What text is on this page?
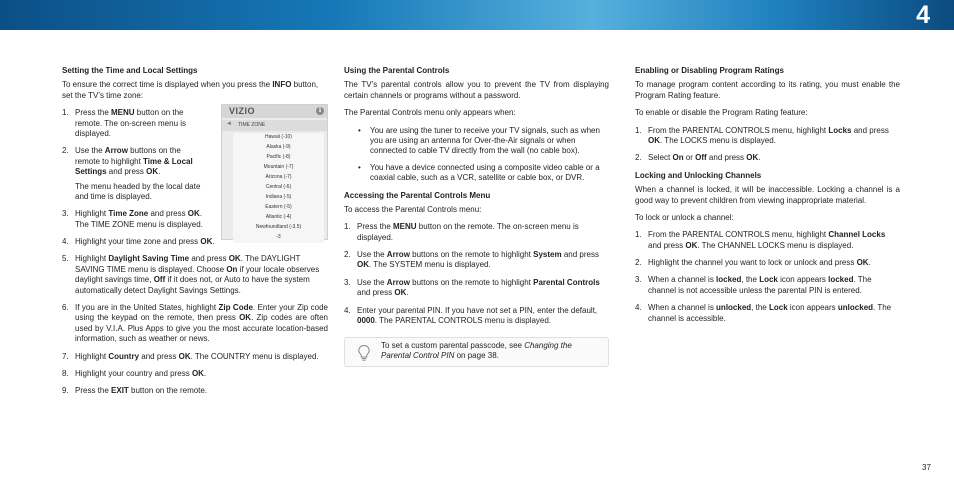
4
Setting the Time and Local Settings

To ensure the correct time is displayed when you press the INFO button, set the TV’s time zone:

1. Press the MENU button on the remote. The on-screen menu is displayed.
2. Use the Arrow buttons on the remote to highlight Time & Local Settings and press OK.
The menu headed by the local date and time is displayed.
3. Highlight Time Zone and press OK. The TIME ZONE menu is displayed.
4. Highlight your time zone and press OK.
5. Highlight Daylight Saving Time and press OK. The DAYLIGHT SAVING TIME menu is displayed. Choose On if your locale observes daylight savings time, Off if it does not, or Auto to have the system automatically detect Daylight Savings Settings.
6. If you are in the United States, highlight Zip Code. Enter your Zip code using the keypad on the remote, then press OK. Zip codes are often used by V.I.A. Plus Apps to give you the most accurate location-based information, such as weather or news.
7. Highlight Country and press OK. The COUNTRY menu is displayed.
8. Highlight your country and press OK.
9. Press the EXIT button on the remote.
VIZIO	i
◄ TIME ZONE
Hawaii (-10)
Alaska (-9)
Pacific (-8)
Mountain (-7)
Arizona (-7)
Central (-6)
Indiana (-5)
Eastern (-5)
Atlantic (-4)
Newfoundland (-3.5)
-3
Using the Parental Controls

The TV’s parental controls allow you to prevent the TV from displaying certain channels or programs without a password.

The Parental Controls menu only appears when:

• You are using the tuner to receive your TV signals, such as when you are using an antenna for Over-the-Air signals or when connected to cable TV directly from the wall (no cable box).
• You have a device connected using a composite video cable or a coaxial cable, such as a VCR, satellite or cable box, or DVR.
Accessing the Parental Controls Menu

To access the Parental Controls menu:

1. Press the MENU button on the remote. The on-screen menu is displayed.
2. Use the Arrow buttons on the remote to highlight System and press OK. The SYSTEM menu is displayed.
3. Use the Arrow buttons on the remote to highlight Parental Controls and press OK.
4. Enter your parental PIN. If you have not set a PIN, enter the default, 0000. The PARENTAL CONTROLS menu is displayed.

To set a custom parental passcode, see Changing the Parental Control PIN on page 38.

Enabling or Disabling Program Ratings

To manage program content according to its rating, you must enable the Program Rating feature.

To enable or disable the Program Rating feature:

1. From the PARENTAL CONTROLS menu, highlight Locks and press OK. The LOCKS menu is displayed.
2. Select On or Off and press OK.
Locking and Unlocking Channels

When a channel is locked, it will be inaccessible. Locking a channel is a good way to prevent children from viewing inappropriate material.

To lock or unlock a channel:

1. From the PARENTAL CONTROLS menu, highlight Channel Locks and press OK. The CHANNEL LOCKS menu is displayed.
2. Highlight the channel you want to lock or unlock and press OK.
3. When a channel is locked, the Lock icon appears locked. The channel is not accessible unless the parental PIN is entered.
4. When a channel is unlocked, the Lock icon appears unlocked. The channel is accessible.
37
